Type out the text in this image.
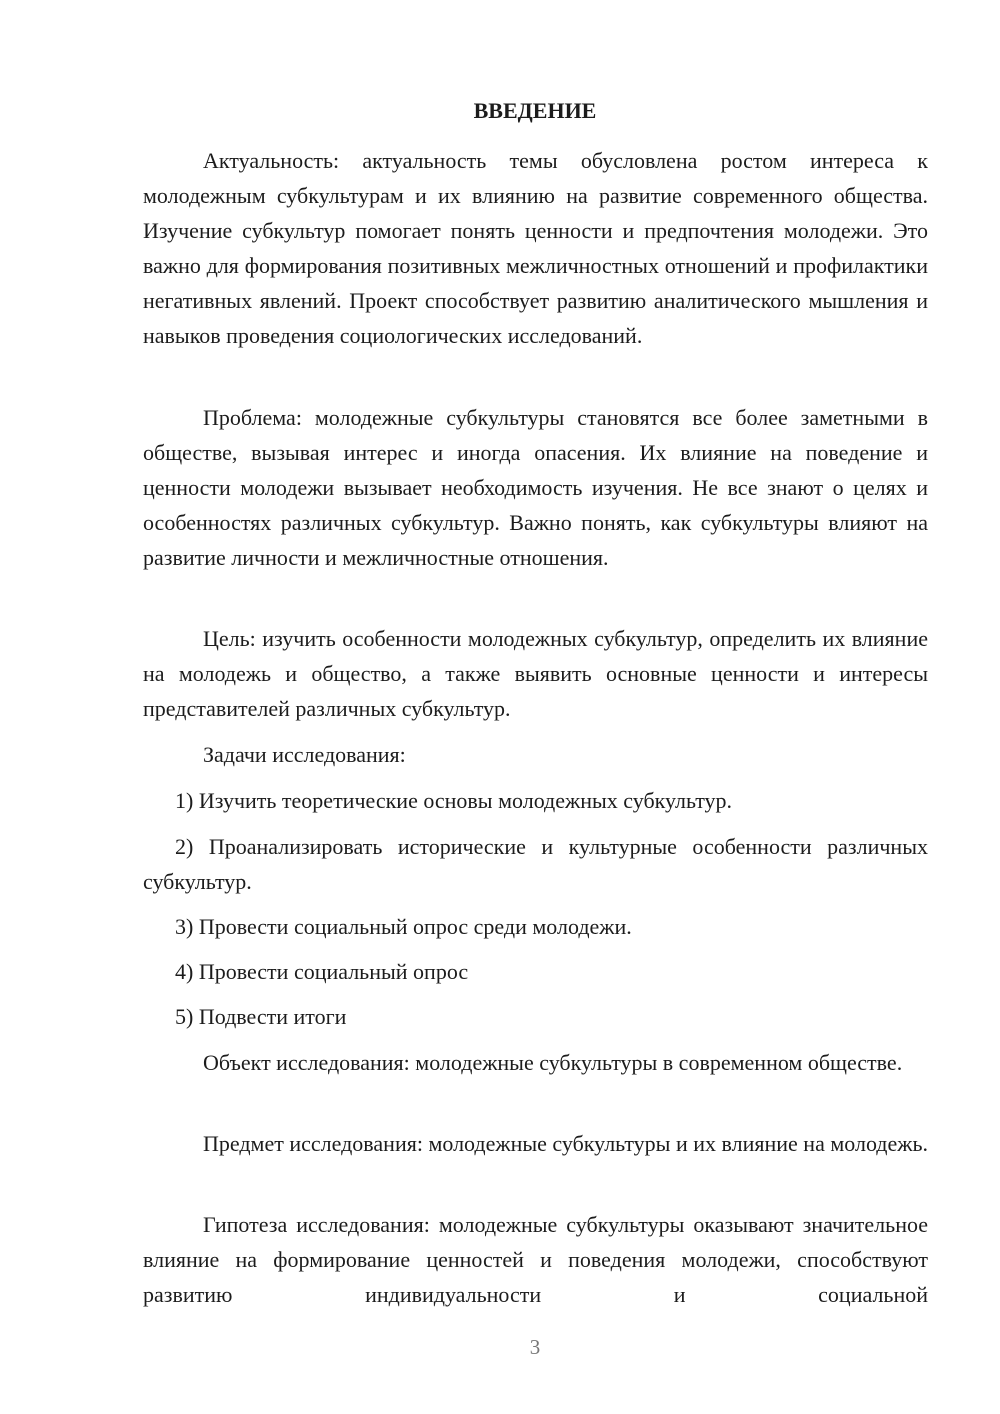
ВВЕДЕНИЕ

Актуальность: актуальность темы обусловлена ростом интереса к молодежным субкультурам и их влиянию на развитие современного общества. Изучение субкультур помогает понять ценности и предпочтения молодежи. Это важно для формирования позитивных межличностных отношений и профилактики негативных явлений. Проект способствует развитию аналитического мышления и навыков проведения социологических исследований.

Проблема: молодежные субкультуры становятся все более заметными в обществе, вызывая интерес и иногда опасения. Их влияние на поведение и ценности молодежи вызывает необходимость изучения. Не все знают о целях и особенностях различных субкультур. Важно понять, как субкультуры влияют на развитие личности и межличностные отношения.

Цель: изучить особенности молодежных субкультур, определить их влияние на молодежь и общество, а также выявить основные ценности и интересы представителей различных субкультур.

Задачи исследования:

1) Изучить теоретические основы молодежных субкультур.

2) Проанализировать исторические и культурные особенности различных субкультур.

3) Провести социальный опрос среди молодежи.

4) Провести социальный опрос

5) Подвести итоги

Объект исследования: молодежные субкультуры в современном обществе.

Предмет исследования: молодежные субкультуры и их влияние на молодежь.

Гипотеза исследования: молодежные субкультуры оказывают значительное влияние на формирование ценностей и поведения молодежи, способствуют развитию индивидуальности и социальной

3
